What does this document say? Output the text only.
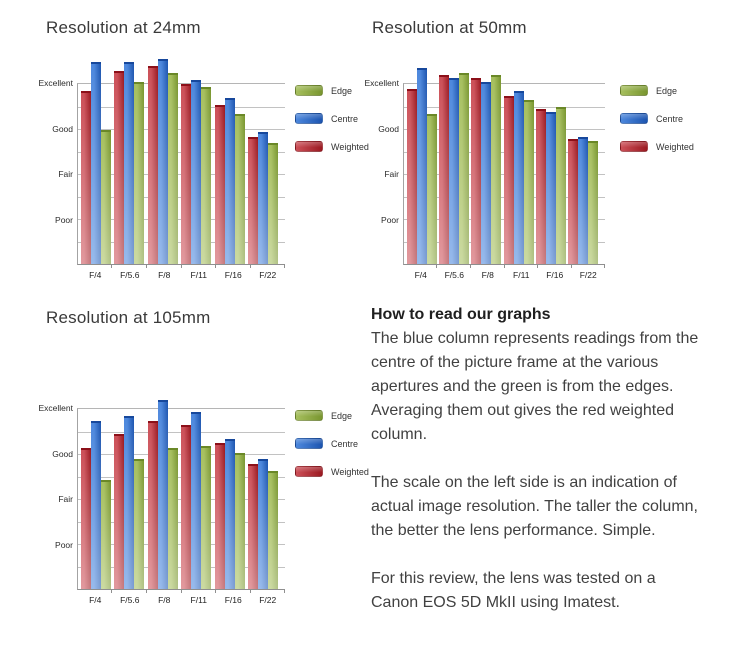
Resolution at 24mm
Excellent
Good
Fair
Poor
F/4	F/5.6	F/8	F/11	F/16	F/22
Edge
Centre
Weighted
Resolution at 50mm
Excellent
Good
Fair
Poor
F/4	F/5.6	F/8	F/11	F/16	F/22
Edge
Centre
Weighted
Resolution at 105mm
Excellent
Good
Fair
Poor
F/4	F/5.6	F/8	F/11	F/16	F/22
Edge
Centre
Weighted
How to read our graphs

The blue column represents readings from the centre of the picture frame at the various apertures and the green is from the edges. Averaging them out gives the red weighted column.

The scale on the left side is an indication of actual image resolution. The taller the column, the better the lens performance. Simple.

For this review, the lens was tested on a Canon EOS 5D MkII using Imatest.
